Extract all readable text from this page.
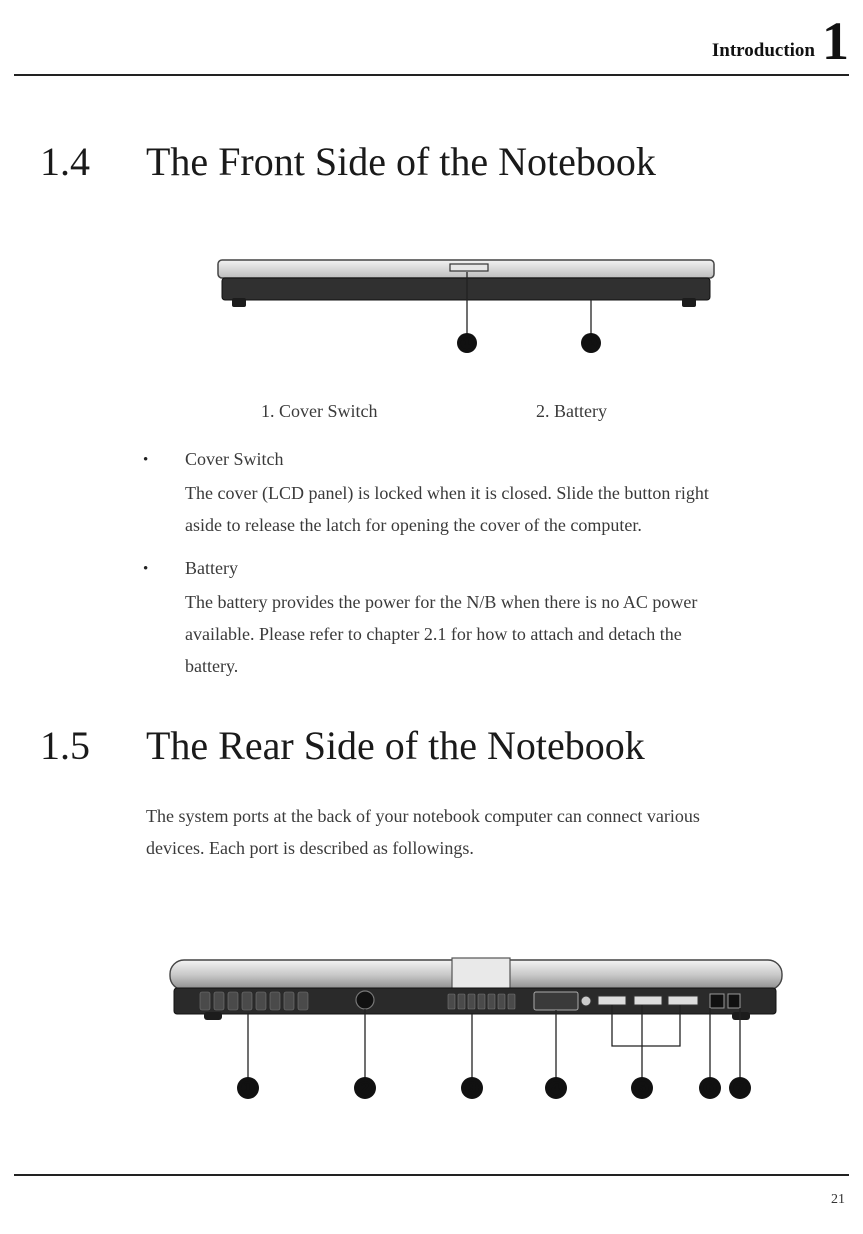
Introduction 1
1.4 The Front Side of the Notebook
❶	❷
1. Cover Switch	2. Battery
• Cover Switch
The cover (LCD panel) is locked when it is closed. Slide the button right
aside to release the latch for opening the cover of the computer.
• Battery
The battery provides the power for the N/B when there is no AC power
available. Please refer to chapter 2.1 for how to attach and detach the
battery.
1.5 The Rear Side of the Notebook
The system ports at the back of your notebook computer can connect various
devices. Each port is described as followings.
❶	❷	❸	❹	❺	❻ ❼
21
